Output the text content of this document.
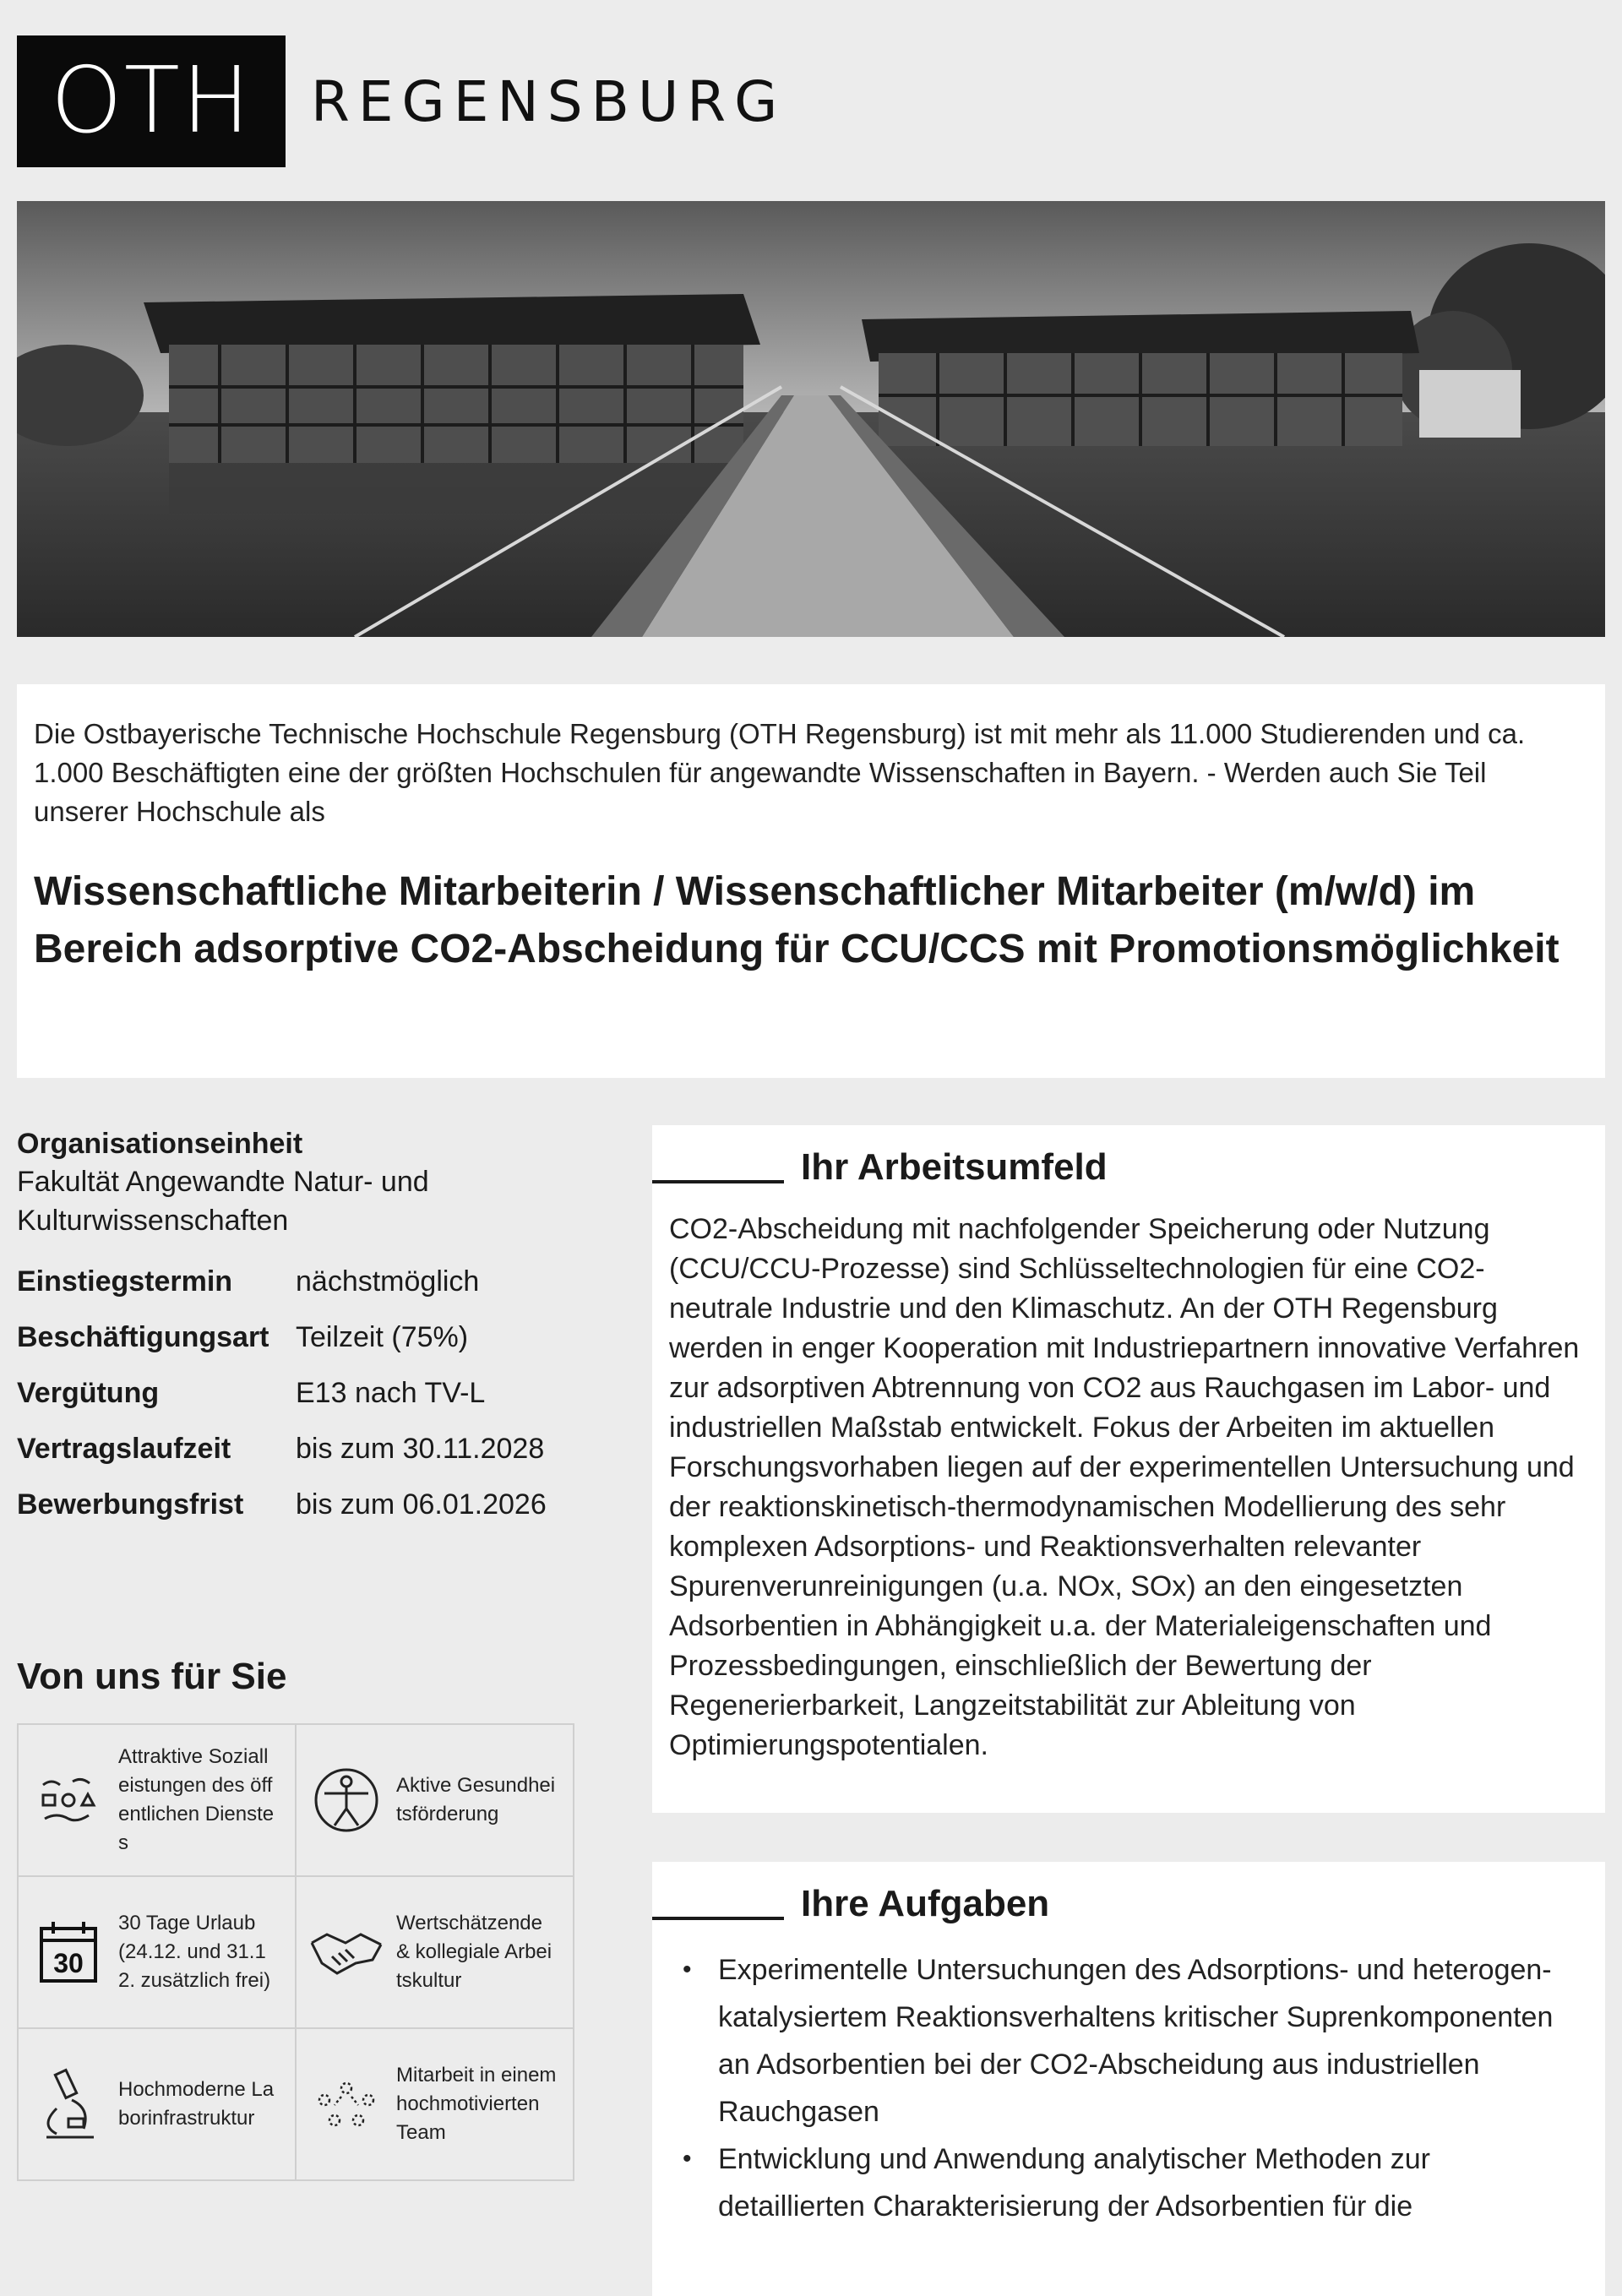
OTH	REGENSBURG

Die Ostbayerische Technische Hochschule Regensburg (OTH Regensburg) ist mit mehr als 11.000 Studierenden und ca. 1.000 Beschäftigten eine der größten Hochschulen für angewandte Wissenschaften in Bayern. - Werden auch Sie Teil unserer Hochschule als

Wissenschaftliche Mitarbeiterin / Wissenschaftlicher Mitarbeiter (m/w/d) im Bereich adsorptive CO2-Abscheidung für CCU/CCS mit Promotionsmöglichkeit
Organisationseinheit
Fakultät Angewandte Natur- und Kulturwissenschaften
Einstiegstermin	nächstmöglich
Beschäftigungsart Teilzeit (75%)
Vergütung	E13 nach TV-L
Vertragslaufzeit	bis zum 30.11.2028
Bewerbungsfrist	bis zum 06.01.2026
Von uns für Sie
Attraktive Sozialleistungen des öffentlichen Dienstes	Aktive Gesundheitsförderung

30
30 Tage Urlaub (24.12. und 31.12. zusätzlich frei)	Wertschätzende & kollegiale Arbeitskultur

Hochmoderne Laborinfrastruktur	Mitarbeit in einem hochmotivierten Team
Ihr Arbeitsumfeld
CO2-Abscheidung mit nachfolgender Speicherung oder Nutzung (CCU/CCU-Prozesse) sind Schlüsseltechnologien für eine CO2-neutrale Industrie und den Klimaschutz. An der OTH Regensburg werden in enger Kooperation mit Industriepartnern innovative Verfahren zur adsorptiven Abtrennung von CO2 aus Rauchgasen im Labor- und industriellen Maßstab entwickelt. Fokus der Arbeiten im aktuellen Forschungsvorhaben liegen auf der experimentellen Untersuchung und der reaktionskinetisch-thermodynamischen Modellierung des sehr komplexen Adsorptions- und Reaktionsverhalten relevanter Spurenverunreinigungen (u.a. NOx, SOx) an den eingesetzten Adsorbentien in Abhängigkeit u.a. der Materialeigenschaften und Prozessbedingungen, einschließlich der Bewertung der Regenerierbarkeit, Langzeitstabilität zur Ableitung von Optimierungspotentialen.
Ihre Aufgaben
• Experimentelle Untersuchungen des Adsorptions- und heterogen-katalysiertem Reaktionsverhaltens kritischer Suprenkomponenten an Adsorbentien bei der CO2-Abscheidung aus industriellen Rauchgasen
• Entwicklung und Anwendung analytischer Methoden zur detaillierten Charakterisierung der Adsorbentien für die
